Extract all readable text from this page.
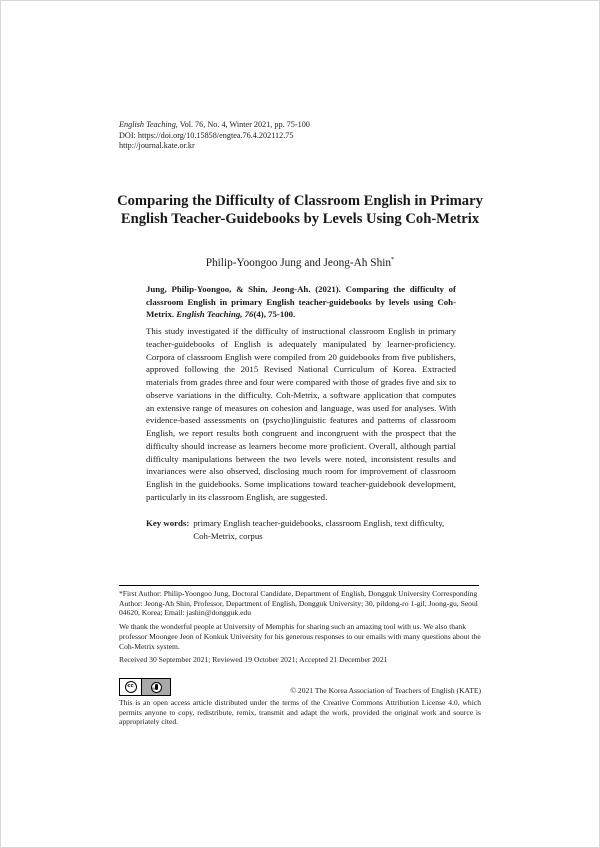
English Teaching, Vol. 76, No. 4, Winter 2021, pp. 75-100
DOI: https://doi.org/10.15858/engtea.76.4.202112.75
http://journal.kate.or.kr
Comparing the Difficulty of Classroom English in Primary
English Teacher-Guidebooks by Levels Using Coh-Metrix
Philip-Yoongoo Jung and Jeong-Ah Shin*
Jung, Philip-Yoongoo, & Shin, Jeong-Ah. (2021). Comparing the difficulty of classroom English in primary English teacher-guidebooks by levels using Coh-Metrix. English Teaching, 76(4), 75-100.
This study investigated if the difficulty of instructional classroom English in primary teacher-guidebooks of English is adequately manipulated by learner-proficiency. Corpora of classroom English were compiled from 20 guidebooks from five publishers, approved following the 2015 Revised National Curriculum of Korea. Extracted materials from grades three and four were compared with those of grades five and six to observe variations in the difficulty. Coh-Metrix, a software application that computes an extensive range of measures on cohesion and language, was used for analyses. With evidence-based assessments on (psycho)linguistic features and patterns of classroom English, we report results both congruent and incongruent with the prospect that the difficulty should increase as learners become more proficient. Overall, although partial difficulty manipulations between the two levels were noted, inconsistent results and invariances were also observed, disclosing much room for improvement of classroom English in the guidebooks. Some implications toward teacher-guidebook development, particularly in its classroom English, are suggested.
Key words: primary English teacher-guidebooks, classroom English, text difficulty, Coh-Metrix, corpus

*First Author: Philip-Yoongoo Jung, Doctoral Candidate, Department of English, Dongguk University Corresponding Author: Jeong-Ah Shin, Professor, Department of English, Dongguk University; 30, pildong-ro 1-gil, Joong-gu, Seoul 04620, Korea; Email: jashin@dongguk.edu

We thank the wonderful people at University of Memphis for sharing such an amazing tool with us. We also thank professor Moongee Jeon of Konkuk University for his generous responses to our emails with many questions about the Coh-Metrix system.

Received 30 September 2021; Reviewed 19 October 2021; Accepted 21 December 2021

cc
BY	© 2021 The Korea Association of Teachers of English (KATE)
This is an open access article distributed under the terms of the Creative Commons Attribution License 4.0, which permits anyone to copy, redistribute, remix, transmit and adapt the work, provided the original work and source is appropriately cited.
